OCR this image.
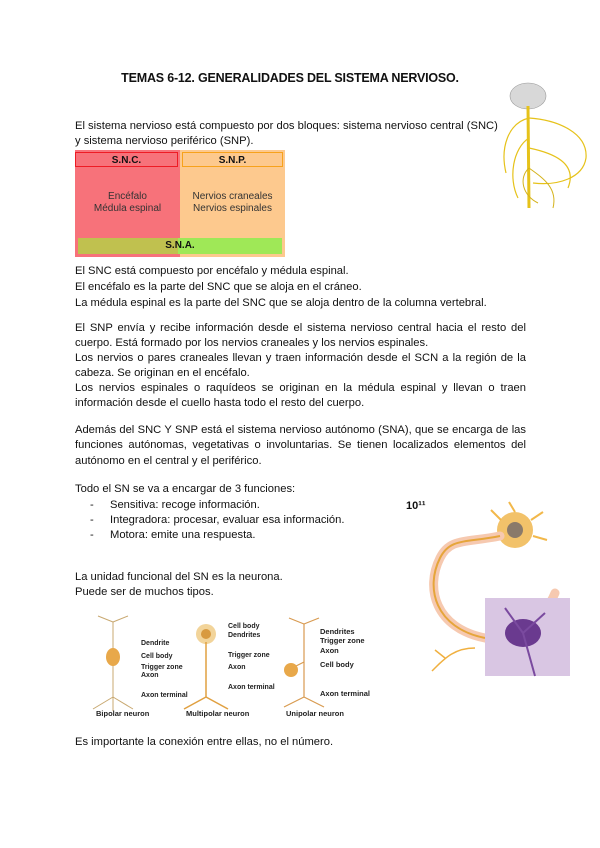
TEMAS 6-12. GENERALIDADES DEL SISTEMA NERVIOSO.
El sistema nervioso está compuesto por dos bloques: sistema nervioso central (SNC)
y sistema nervioso periférico (SNP).
S.N.C.	S.N.P.
Encéfalo
Médula espinal
Nervios craneales
Nervios espinales
S.N.A.
El SNC está compuesto por encéfalo y médula espinal.
El encéfalo es la parte del SNC que se aloja en el cráneo.
La médula espinal es la parte del SNC que se aloja dentro de la columna vertebral.
El SNP envía y recibe información desde el sistema nervioso central hacia el resto del cuerpo. Está formado por los nervios craneales y los nervios espinales.
Los nervios o pares craneales llevan y traen información desde el SCN a la región de la cabeza. Se originan en el encéfalo.
Los nervios espinales o raquídeos se originan en la médula espinal y llevan o traen información desde el cuello hasta todo el resto del cuerpo.
Además del SNC Y SNP está el sistema nervioso autónomo (SNA), que se encarga de las funciones autónomas, vegetativas o involuntarias. Se tienen localizados elementos del autónomo en el central y el periférico.
Todo el SN se va a encargar de 3 funciones:
- Sensitiva: recoge información.
- Integradora: procesar, evaluar esa información.
- Motora: emite una respuesta.
La unidad funcional del SN es la neurona.
Puede ser de muchos tipos.
10¹¹
Dendrite
Cell body
Trigger zone
Axon
Axon terminal
Bipolar neuron
Cell body
Dendrites
Trigger zone
Axon
Axon terminal
Multipolar neuron
Dendrites
Trigger zone
Axon
Cell body
Axon terminal
Unipolar neuron
Es importante la conexión entre ellas, no el número.
